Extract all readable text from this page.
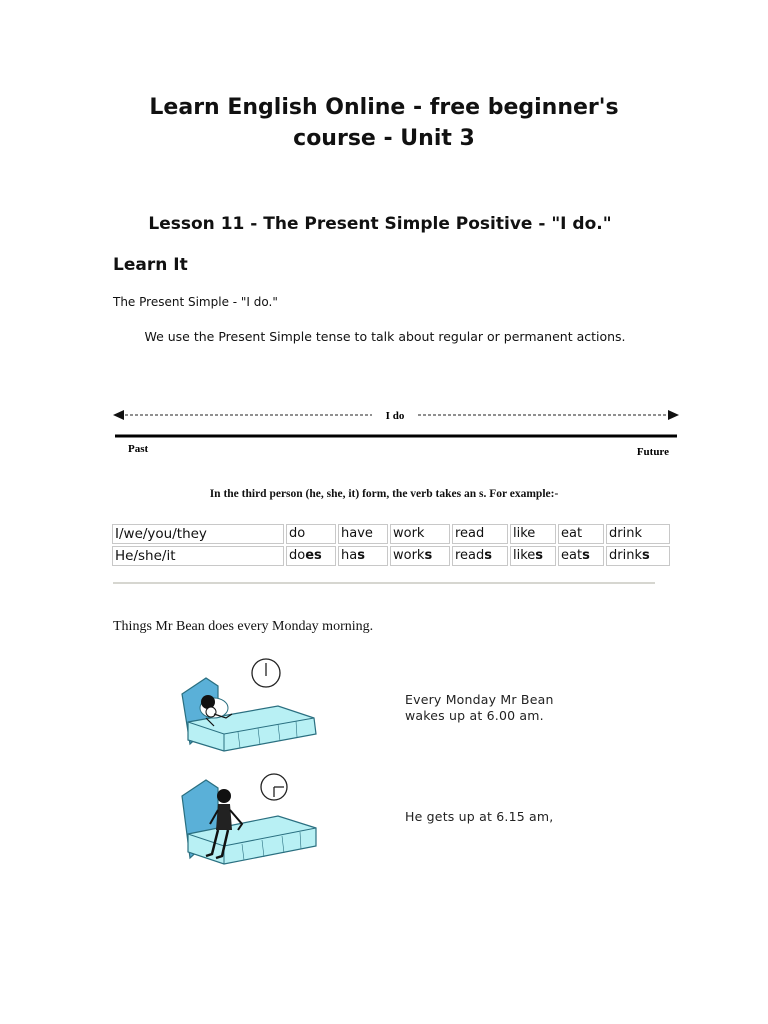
Learn English Online - free beginner's
course - Unit 3
Lesson 11 - The Present Simple Positive - "I do."
Learn It
The Present Simple - "I do."
We use the Present Simple tense to talk about regular or permanent actions.
I do
Past	Future
In the third person (he, she, it) form, the verb takes an s. For example:-
I/we/you/they	do	have	work	read	like	eat	drink
He/she/it	does	has	works	reads	likes	eats	drinks
Things Mr Bean does every Monday morning.
Every Monday Mr Bean wakes up at 6.00 am.
He gets up at 6.15 am,
